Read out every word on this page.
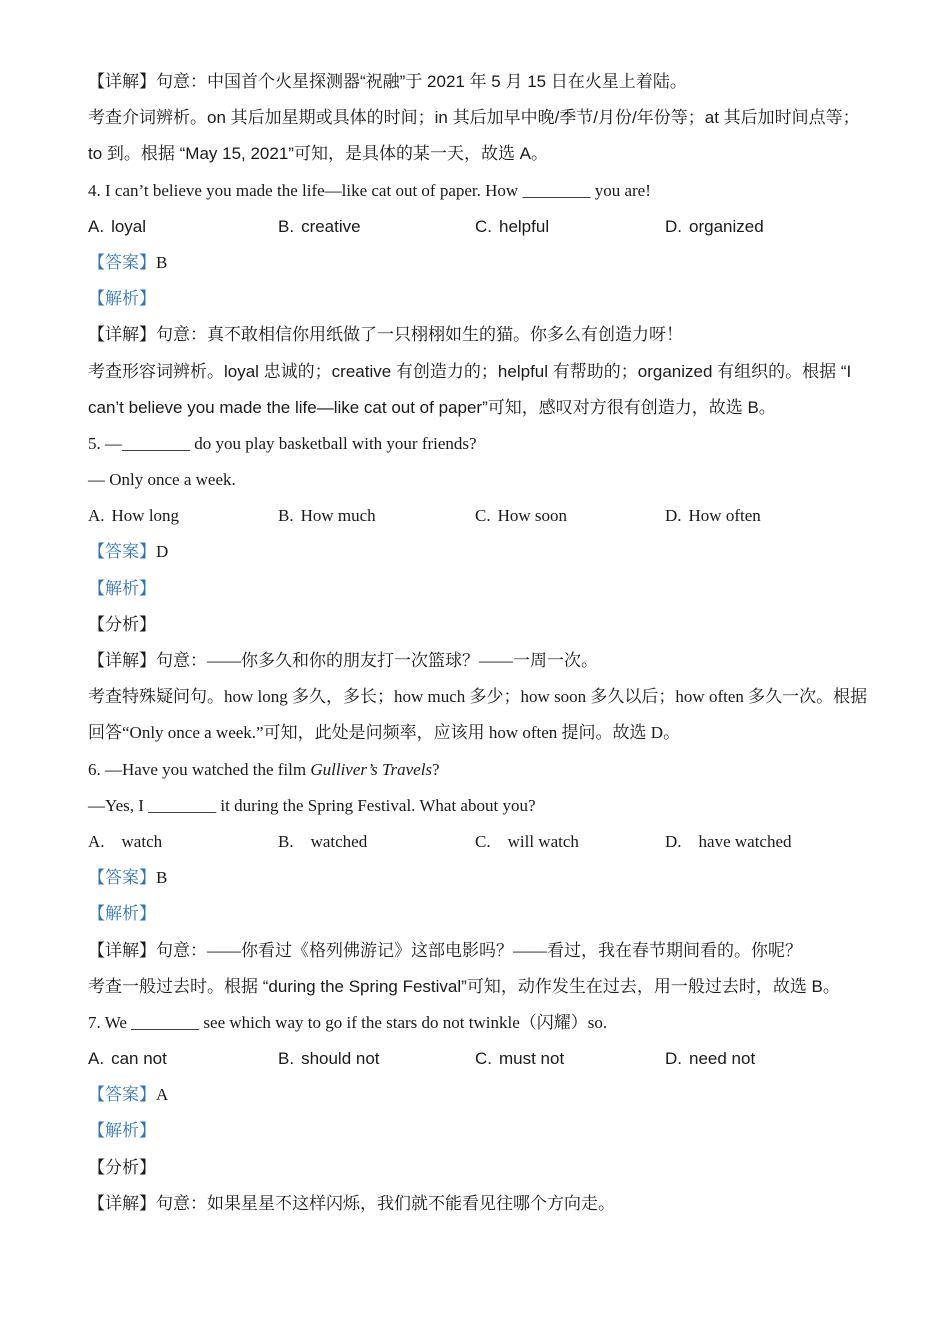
【详解】句意：中国首个火星探测器“祝融”于 2021 年 5 月 15 日在火星上着陆。
考查介词辨析。on 其后加星期或具体的时间；in 其后加早中晚/季节/月份/年份等；at 其后加时间点等；
to 到。根据 “May 15, 2021”可知，是具体的某一天，故选 A。
4. I can’t believe you made the life—like cat out of paper. How ________ you are!
A. loyal	B. creative	C. helpful	D. organized
【答案】B
【解析】
【详解】句意：真不敢相信你用纸做了一只栩栩如生的猫。你多么有创造力呀！
考查形容词辨析。loyal 忠诚的；creative 有创造力的；helpful 有帮助的；organized 有组织的。根据 “I
can’t believe you made the life—like cat out of paper”可知，感叹对方很有创造力，故选 B。
5. —________ do you play basketball with your friends?
— Only once a week.
A. How long	B. How much	C. How soon	D. How often
【答案】D
【解析】
【分析】
【详解】句意：——你多久和你的朋友打一次篮球？——一周一次。
考查特殊疑问句。how long 多久，多长；how much 多少；how soon 多久以后；how often 多久一次。根据
回答“Only once a week.”可知，此处是问频率，应该用 how often 提问。故选 D。
6. —Have you watched the film Gulliver’s Travels?
—Yes, I ________ it during the Spring Festival. What about you?
A. watch	B. watched	C. will watch	D. have watched
【答案】B
【解析】
【详解】句意：——你看过《格列佛游记》这部电影吗？——看过，我在春节期间看的。你呢？
考查一般过去时。根据 “during the Spring Festival”可知，动作发生在过去，用一般过去时，故选 B。
7. We ________ see which way to go if the stars do not twinkle（闪耀）so.
A. can not	B. should not	C. must not	D. need not
【答案】A
【解析】
【分析】
【详解】句意：如果星星不这样闪烁，我们就不能看见往哪个方向走。
